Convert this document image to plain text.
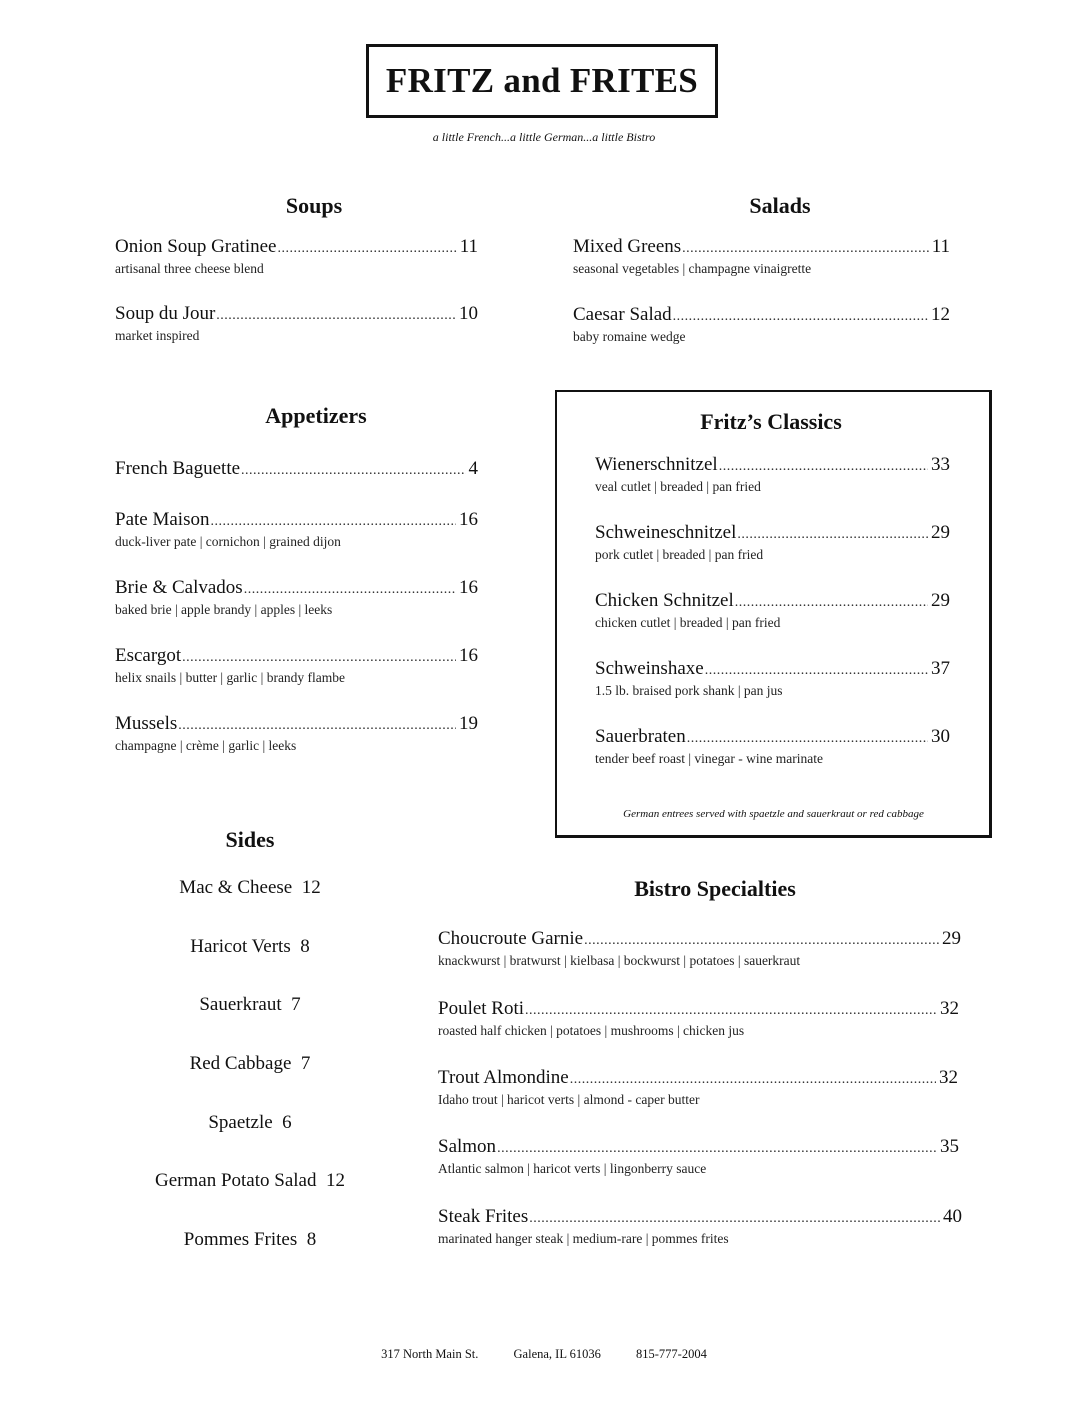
FRITZ and FRITES
a little French...a little German...a little Bistro
Soups
Onion Soup Gratinee .....	11
artisanal three cheese blend
Soup du Jour .....	10
market inspired
Salads
Mixed Greens .....	11
seasonal vegetables | champagne vinaigrette
Caesar Salad .....	12
baby romaine wedge
Appetizers
French Baguette .....	4
Pate Maison .....	16
duck-liver pate | cornichon | grained dijon
Brie & Calvados .....	16
baked brie | apple brandy | apples | leeks
Escargot .....	16
helix snails | butter | garlic | brandy flambe
Mussels .....	19
champagne | crème | garlic | leeks
Fritz’s Classics
Wienerschnitzel .....	33
veal cutlet | breaded | pan fried
Schweineschnitzel .....	29
pork cutlet | breaded | pan fried
Chicken Schnitzel .....	29
chicken cutlet | breaded | pan fried
Schweinshaxe .....	37
1.5 lb. braised pork shank | pan jus
Sauerbraten .....	30
tender beef roast | vinegar - wine marinate
German entrees served with spaetzle and sauerkraut or red cabbage
Sides
Mac & Cheese 12
Haricot Verts 8
Sauerkraut 7
Red Cabbage 7
Spaetzle 6
German Potato Salad 12
Pommes Frites 8
Bistro Specialties
Choucroute Garnie .....	29
knackwurst | bratwurst | kielbasa | bockwurst | potatoes | sauerkraut
Poulet Roti .....	32
roasted half chicken | potatoes | mushrooms | chicken jus
Trout Almondine .....	32
Idaho trout | haricot verts | almond - caper butter
Salmon .....	35
Atlantic salmon | haricot verts | lingonberry sauce
Steak Frites .....	40
marinated hanger steak | medium-rare | pommes frites
317 North Main St.	Galena, IL 61036	815-777-2004
